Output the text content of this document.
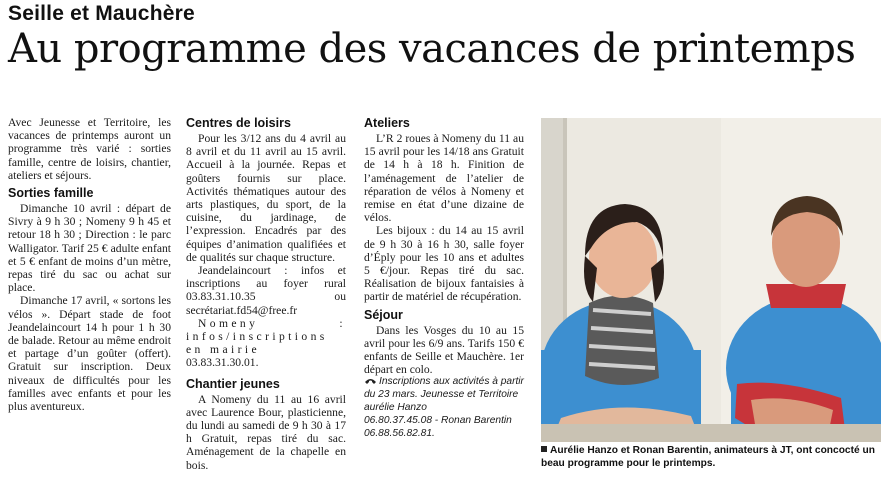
Seille et Mauchère
Au programme des vacances de printemps

Avec Jeunesse et Territoire, les vacances de printemps auront un programme très varié : sorties famille, centre de loisirs, chantier, ateliers et séjours.

Sorties famille

Dimanche 10 avril : départ de Sivry à 9 h 30 ; Nomeny 9 h 45 et retour 18 h 30 ; Direction : le parc Walligator. Tarif 25 € adulte enfant et 5 € enfant de moins d’un mètre, repas tiré du sac ou achat sur place.

Dimanche 17 avril, « sortons les vélos ». Départ stade de foot Jeandelaincourt 14 h pour 1 h 30 de balade. Retour au même endroit et partage d’un goûter (offert). Gratuit sur inscription. Deux niveaux de difficultés pour les familles avec enfants et pour les plus aventureux.

Centres de loisirs

Pour les 3/12 ans du 4 avril au 8 avril et du 11 avril au 15 avril. Accueil à la journée. Repas et goûters fournis sur place. Activités thématiques autour des arts plastiques, du sport, de la cuisine, du jardinage, de l’expression. Encadrés par des équipes d’animation qualifiées et de qualités sur chaque structure.

Jeandelaincourt : infos et inscriptions au foyer rural 03.83.31.10.35 ou secrétariat.fd54@free.fr

Nomeny : infos/inscriptions en mairie

03.83.31.30.01.

Chantier jeunes

A Nomeny du 11 au 16 avril avec Laurence Bour, plasticienne, du lundi au samedi de 9 h 30 à 17 h Gratuit, repas tiré du sac. Aménagement de la chapelle en bois.

Ateliers

L’R 2 roues à Nomeny du 11 au 15 avril pour les 14/18 ans Gratuit de 14 h à 18 h. Finition de l’aménagement de l’atelier de réparation de vélos à Nomeny et remise en état d’une dizaine de vélos.

Les bijoux : du 14 au 15 avril de 9 h 30 à 16 h 30, salle foyer d’Éply pour les 10 ans et adultes 5 €/jour. Repas tiré du sac. Réalisation de bijoux fantaisies à partir de matériel de récupération.

Séjour

Dans les Vosges du 10 au 15 avril pour les 6/9 ans. Tarifs 150 € enfants de Seille et Mauchère. 1er départ en colo.

Inscriptions aux activités à partir du 23 mars. Jeunesse et Territoire aurélie Hanzo
06.80.37.45.08 - Ronan Barentin
06.88.56.82.81.
Aurélie Hanzo et Ronan Barentin, animateurs à JT, ont concocté un beau programme pour le printemps.
